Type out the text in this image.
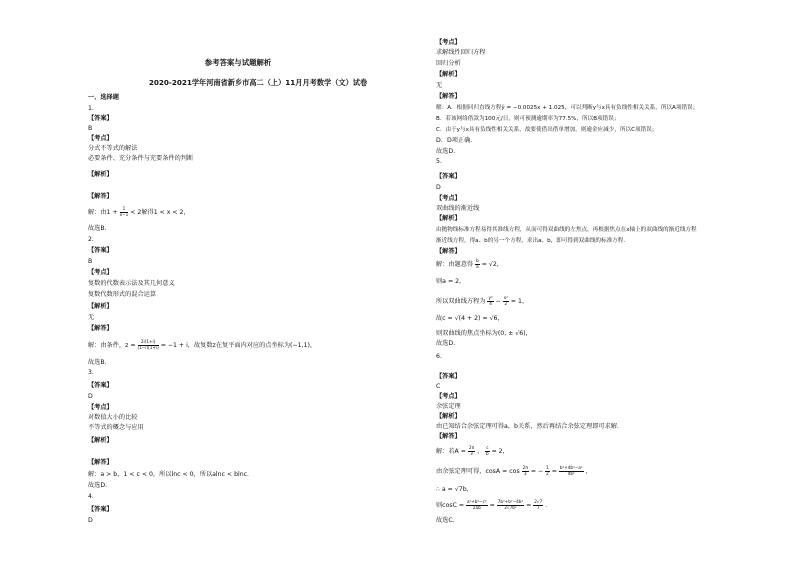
参考答案与试题解析
2020-2021学年河南省新乡市高二（上）11月月考数学（文）试卷
一、选择题
1.
【答案】
B
【考点】
分式不等式的解法
必要条件、充分条件与充要条件的判断
【解析】
【解答】
解：由$1 + \frac{1}{x-1} < 2$解得1 < x < 2，
故选B.
2.
【答案】
B
【考点】
复数的代数表示法及其几何意义
复数代数形式的混合运算
【解析】
无
【解答】
解：由条件，$z = \frac{2i(1+i)}{(1-i)(1+i)} = -1 + i$，故复数z在复平面内对应的点坐标为(−1,1)，
故选B.
3.
【答案】
D
【考点】
对数值大小的比较
不等式的概念与应用
【解析】
【解答】
解：a > b，1 < c < 0，所以lnc < 0，所以alnc < blnc．
故选D.
4.
【答案】
D
【考点】
求解线性回归方程
回归分析
【解析】
无
【解答】
解：A．根据回归直线方程ŷ = −0.0025x + 1.025，可以判断y与x具有负线性相关关系，所以A项错误；
B．若该网络借款为100元/日，则可预测逾期率为77.5%，所以B项错误；
C．由于y与x具有负线性相关关系，故要使借出借单增加，则逾金应减少，所以C项错误；
D．D项正确．
故选D.
5.
【答案】
D
【考点】
双曲线的渐近线
【解析】
由抛物线标准方程易得其准线方程，从而可得双曲线的左焦点，再根据焦点在x轴上的双曲线的渐近线方程
渐近线方程，得a、b的另一个方程，求出a、b，即可得到双曲线的标准方程．
【解答】
解：由题意得 $\frac{b}{a} = √2$，
则a = 2，
所以双曲线方程为 $\frac{\text{y²}}{4} - \frac{\text{x²}}{2} = 1$，
故c = √(4 + 2) = √6，
则双曲线的焦点坐标为(0, ± √6)，
故选D.
6.
【答案】
C
【考点】
余弦定理
【解析】
由已知结合余弦定理可得a，b关系，然后再结合余弦定理即可求解．
【解答】
解：若$A = \frac{2\pi}{3}$ ， $\frac{c}{b} = 2$，
由余弦定理可得，$\cos A = \cos \frac{2\pi}{3}$ = − $\frac{1}{2} = \frac{\text{b²+4b²−a²}}{\text{4b²}}$ ，
∴ a = √7b，
则$\cos C = \frac{\text{a²+b²−c²}}{2ab} = \frac{\text{7b²+b²−4b²}}{\text{2√7b²}} = \frac{2√7}{7}$ ．
故选C.
